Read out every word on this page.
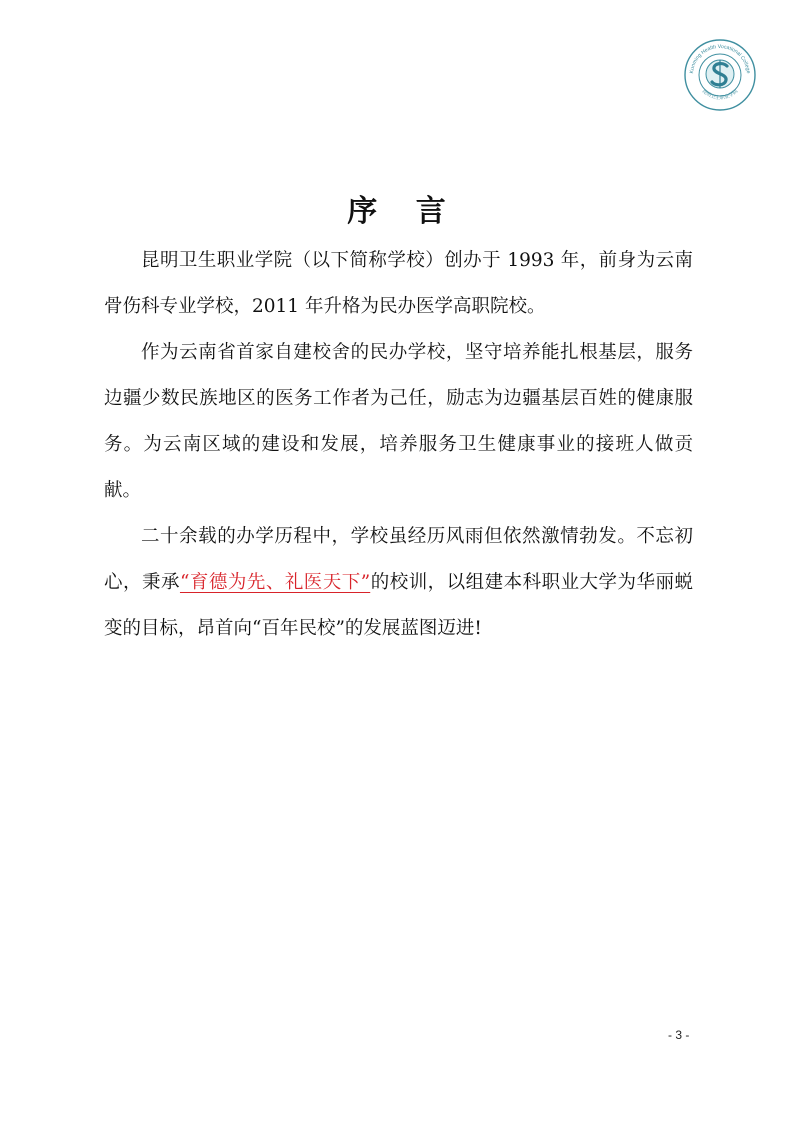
Kunming Health Vocational College
昆明卫生职业学院
序 言

昆明卫生职业学院（以下简称学校）创办于 1993 年，前身为云南骨伤科专业学校，2011 年升格为民办医学高职院校。

作为云南省首家自建校舍的民办学校，坚守培养能扎根基层，服务边疆少数民族地区的医务工作者为己任，励志为边疆基层百姓的健康服务。为云南区域的建设和发展，培养服务卫生健康事业的接班人做贡献。

二十余载的办学历程中，学校虽经历风雨但依然激情勃发。不忘初心，秉承“育德为先、礼医天下”的校训，以组建本科职业大学为华丽蜕变的目标，昂首向“百年民校”的发展蓝图迈进!

- 3 -
